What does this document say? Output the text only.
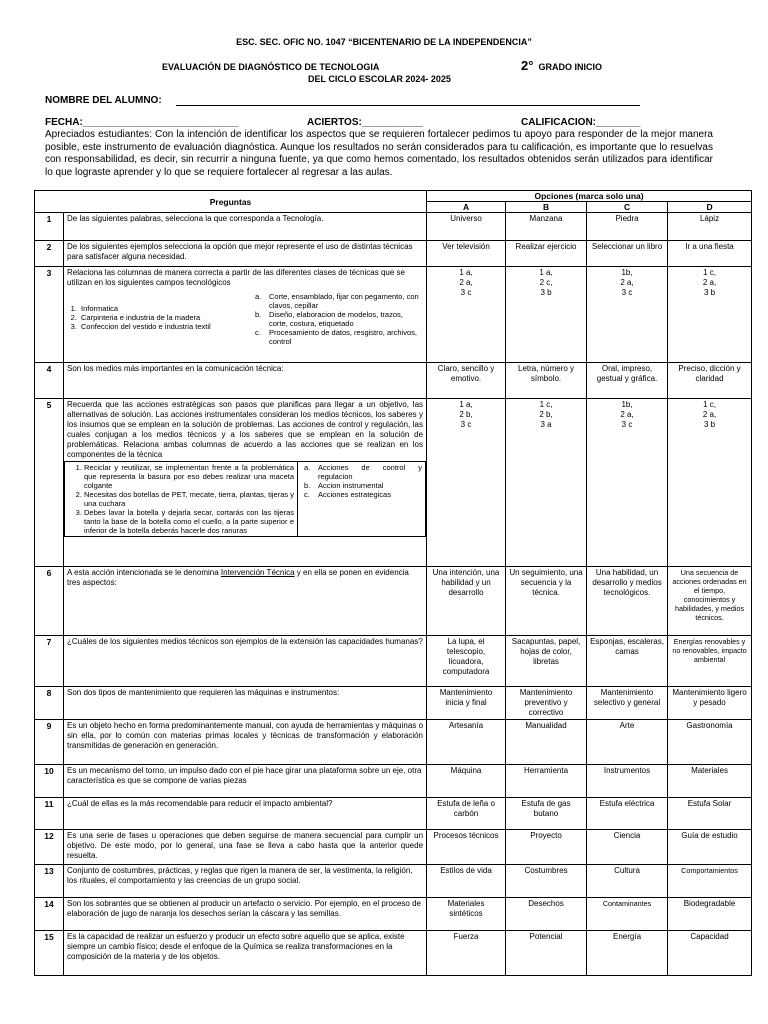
ESC. SEC. OFIC NO. 1047 “BICENTENARIO DE LA INDEPENDENCIA”
EVALUACIÓN DE DIAGNÓSTICO DE TECNOLOGIA	2° GRADO INICIO
DEL CICLO ESCOLAR 2024- 2025
NOMBRE DEL ALUMNO:
FECHA:____________________________	ACIERTOS:___________	CALIFICACION:________
Apreciados estudiantes: Con la intención de identificar los aspectos que se requieren fortalecer pedimos tu apoyo para responder de la mejor manera posible, este instrumento de evaluación diagnóstica. Aunque los resultados no serán considerados para tu calificación, es importante que lo resuelvas con responsabilidad, es decir, sin recurrir a ninguna fuente, ya que como hemos comentado, los resultados obtenidos serán utilizados para identificar lo que lograste aprender y lo que se requiere fortalecer al regresar a las aulas.
Preguntas	Opciones (marca solo una)
A	B	C	D
1	De las siguientes palabras, selecciona la que corresponda a Tecnología.	Universo	Manzana	Piedra	Lápiz
2	De los siguientes ejemplos selecciona la opción que mejor represente el uso de distintas técnicas para satisfacer alguna necesidad.	Ver televisión	Realizar ejercicio	Seleccionar un libro	Ir a una fiesta
3	Relaciona las columnas de manera correcta a partir de las diferentes clases de técnicas que se utilizan en los siguientes campos tecnológicos
1. Informatica
2. Carpinteria e industria de la madera
3. Confeccion del vestido e industria textil
a.	Corte, ensamblado, fijar con pegamento, con clavos, cepillar
b.	Diseño, elaboracion de modelos, trazos, corte, costura, etiquetado
c.	Procesamiento de datos, resgistro, archivos, control
	1 a,
2 a,
3 c	1 a,
2 c,
3 b	1b,
2 a,
3 c	1 c,
2 a,
3 b
4	Son los medios más importantes en la comunicación técnica:	Claro, sencillo y emotivo.	Letra, número y símbolo.	Oral, impreso, gestual y gráfica.	Preciso, dicción y claridad
5	Recuerda que las acciones estratégicas son pasos que planificas para llegar a un objetivo, las alternativas de solución. Las acciones instrumentales consideran los medios técnicos, los saberes y los insumos que se emplean en la solución de problemas. Las acciones de control y regulación, las cuales conjugan a los medios técnicos y a los saberes que se emplean en la solución de problemáticas. Relaciona ambas columnas de acuerdo a las acciones que se realizan en los componentes de la técnica
1. Reciclar y reutilizar, se implementan frente a la problemática que representa la basura por eso debes realizar una maceta colgante
2. Necesitas dos botellas de PET, mecate, tierra, plantas, tijeras y una cuchara
3. Debes lavar la botella y dejarla secar, cortarás con las tijeras tanto la base de la botella como el cuello, a la parte superior e inferior de la botella deberás hacerle dos ranuras

a.	Acciones de control y regulacion
b.	Accion instrumental
c.	Acciones estrategicas
	1 a,
2 b,
3 c	1 c,
2 b,
3 a	1b,
2 a,
3 c	1 c,
2 a,
3 b
6	A esta acción intencionada se le denomina Intervención Técnica y en ella se ponen en evidencia tres aspectos:	Una intención, una habilidad y un desarrollo	Un seguimiento, una secuencia y la técnica.	Una habilidad, un desarrollo y medios tecnológicos.	Una secuencia de acciones ordenadas en el tiempo, conocimientos y habilidades, y medios técnicos.
7	¿Cuáles de los siguientes medios técnicos son ejemplos de la extensión las capacidades humanas?	La lupa, el telescopio, licuadora, computadora	Sacapuntas, papel, hojas de color, libretas	Esponjas, escaleras, camas	Energías renovables y no renovables, impacto ambiental
8	Son dos tipos de mantenimiento que requieren las máquinas e instrumentos:	Mantenimiento inicia y final	Mantenimiento preventivo y correctivo	Mantenimiento selectivo y general	Mantenimiento ligero y pesado
9	Es un objeto hecho en forma predominantemente manual, con ayuda de herramientas y máquinas o sin ella, por lo común con materias primas locales y técnicas de transformación y elaboración transmitidas de generación en generación.	Artesanía	Manualidad	Arte	Gastronomía
10	Es un mecanismo del torno, un impulso dado con el pie hace girar una plataforma sobre un eje, otra característica es que se compone de varias piezas	Máquina	Herramienta	Instrumentos	Materiales
11	¿Cuál de ellas es la más recomendable para reducir el impacto ambiental?	Estufa de leña o carbón	Estufa de gas butano	Estufa eléctrica	Estufa Solar
12	Es una serie de fases u operaciones que deben seguirse de manera secuencial para cumplir un objetivo. De este modo, por lo general, una fase se lleva a cabo hasta que la anterior quede resuelta.	Procesos técnicos	Proyecto	Ciencia	Guía de estudio
13	Conjunto de costumbres, prácticas, y reglas que rigen la manera de ser, la vestimenta, la religión, los rituales, el comportamiento y las creencias de un grupo social.	Estilos de vida	Costumbres	Cultura	Comportamientos
14	Son los sobrantes que se obtienen al producir un artefacto o servicio. Por ejemplo, en el proceso de elaboración de jugo de naranja los desechos serían la cáscara y las semillas.	Materiales sintéticos	Desechos	Contaminantes	Biodegradable
15	Es la capacidad de realizar un esfuerzo y producir un efecto sobre aquello que se aplica, existe siempre un cambio físico; desde el enfoque de la Química se realiza transformaciones en la composición de la materia y de los objetos.	Fuerza	Potencial	Energía	Capacidad
